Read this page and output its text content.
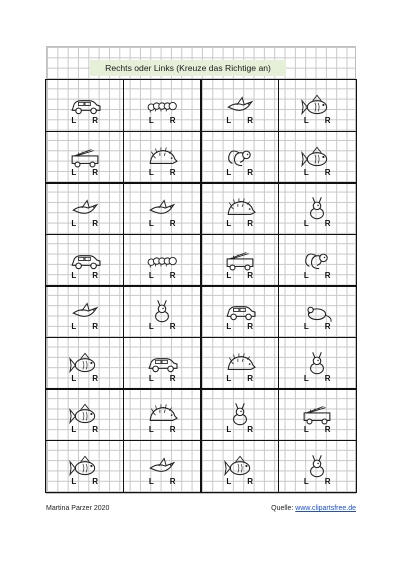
Rechts oder Links (Kreuze das Richtige an)
L R	L R	L R	L R
L R	L R	L R	L R
L R	L R	L R	L R
L R	L R	L R	L R
L R	L R	L R	L R
L R	L R	L R	L R
L R	L R	L R	L R
L R	L R	L R	L R
Martina Parzer 2020	Quelle: www.clipartsfree.de
